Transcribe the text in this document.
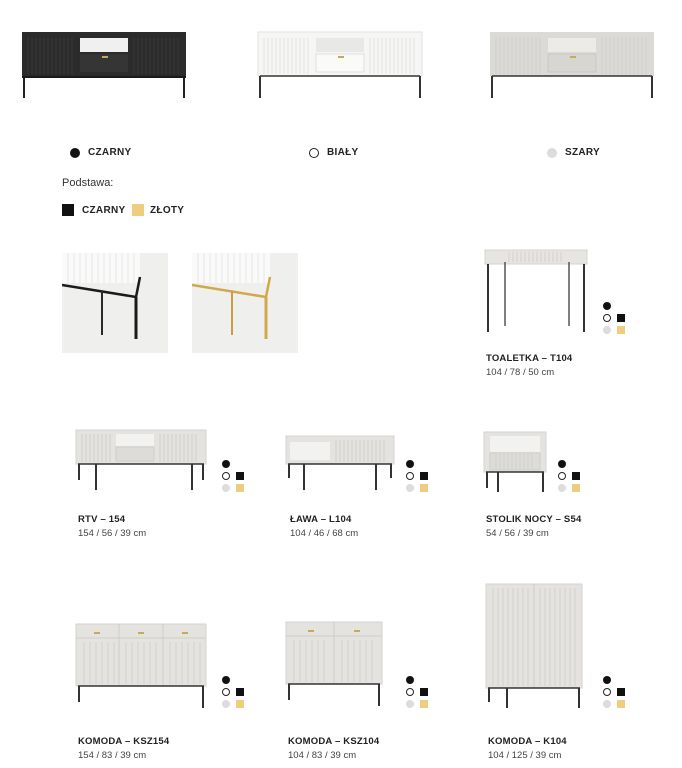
CZARNY	BIAŁY	SZARY
Podstawa:
CZARNY ZŁOTY
TOALETKA – T104
104 / 78 / 50 cm
RTV – 154
154 / 56 / 39 cm
ŁAWA – L104
104 / 46 / 68 cm
STOLIK NOCY – S54
54 / 56 / 39 cm
KOMODA – KSZ154
154 / 83 / 39 cm
KOMODA – KSZ104
104 / 83 / 39 cm
KOMODA – K104
104 / 125 / 39 cm
